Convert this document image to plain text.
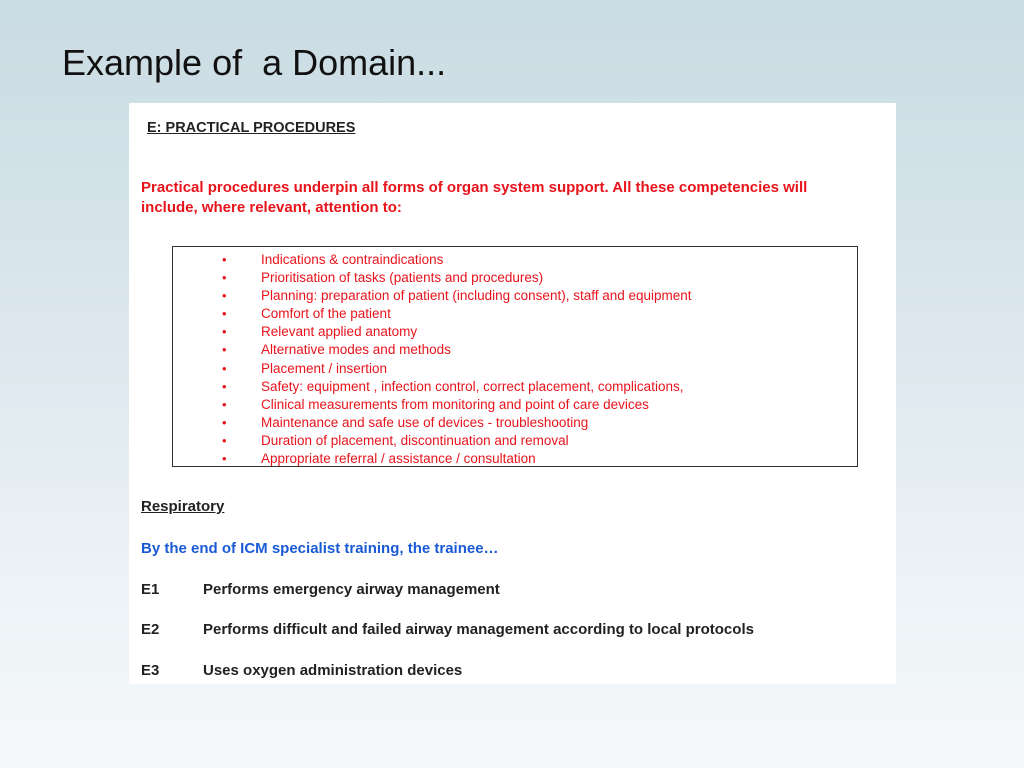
Example of  a Domain...
E: PRACTICAL PROCEDURES
Practical procedures underpin all forms of organ system support. All these competencies will include, where relevant, attention to:
•	Indications & contraindications
•	Prioritisation of tasks (patients and procedures)
•	Planning: preparation of patient (including consent), staff and equipment
•	Comfort of the patient
•	Relevant applied anatomy
•	Alternative modes and methods
•	Placement / insertion
•	Safety: equipment , infection control, correct placement, complications,
•	Clinical measurements from monitoring and point of care devices
•	Maintenance and safe use of devices - troubleshooting
•	Duration of placement, discontinuation and removal
•	Appropriate referral / assistance / consultation
Respiratory
By the end of ICM specialist training, the trainee…
E1	Performs emergency airway management
E2	Performs difficult and failed airway management according to local protocols
E3	Uses oxygen administration devices
